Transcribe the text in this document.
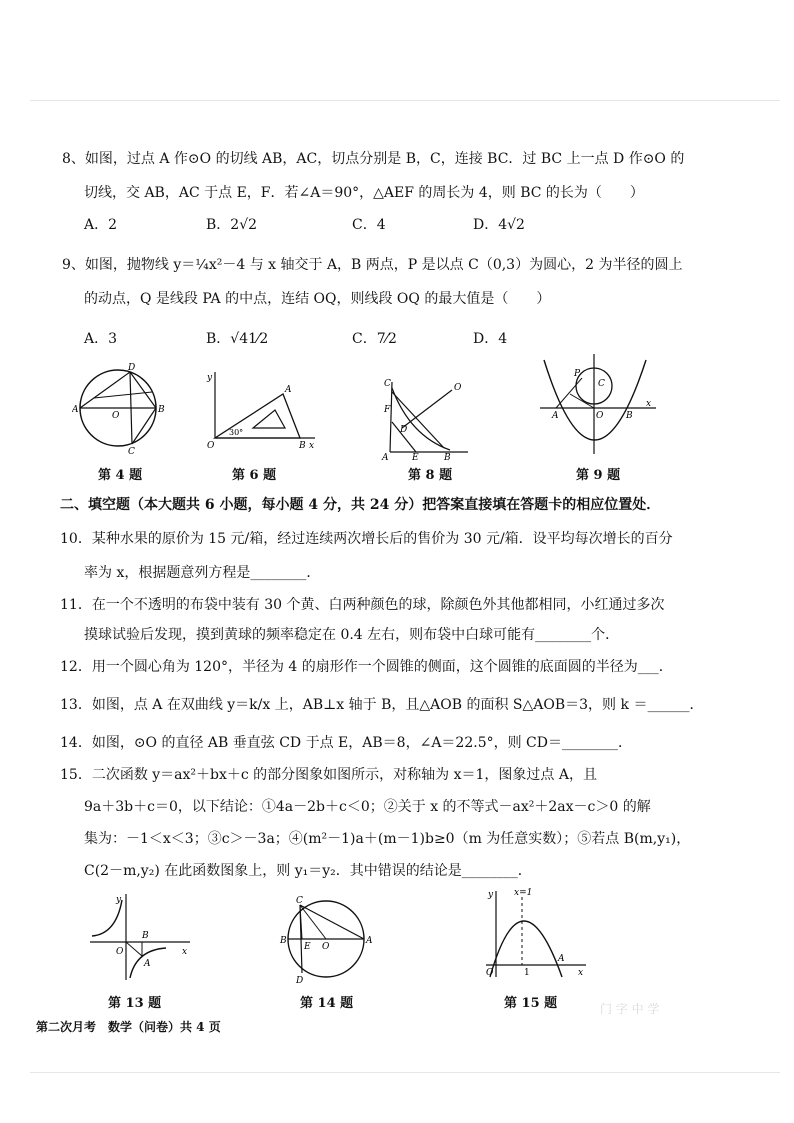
8、如图，过点 A 作⊙O 的切线 AB，AC，切点分别是 B，C，连接 BC．过 BC 上一点 D 作⊙O 的
切线，交 AB，AC 于点 E，F．若∠A＝90°，△AEF 的周长为 4，则 BC 的长为（　　）
A．2	B．2√2	C．4	D．4√2
9、如图，抛物线 y＝¼x²－4 与 x 轴交于 A，B 两点，P 是以点 C（0,3）为圆心，2 为半径的圆上
的动点，Q 是线段 PA 的中点，连结 OQ，则线段 OQ 的最大值是（　　）
A．3	B．√41⁄2	C．7⁄2	D．4
A	B
D
O
C
O
y
x
30°
A
B
C
F
D
O
A	E	B
C
P
A	B
O
x
第 4 题	第 6 题	第 8 题	第 9 题
二、填空题（本大题共 6 小题，每小题 4 分，共 24 分）把答案直接填在答题卡的相应位置处．
10．某种水果的原价为 15 元/箱，经过连续两次增长后的售价为 30 元/箱．设平均每次增长的百分
率为 x，根据题意列方程是________．
11．在一个不透明的布袋中装有 30 个黄、白两种颜色的球，除颜色外其他都相同，小红通过多次
摸球试验后发现，摸到黄球的频率稳定在 0.4 左右，则布袋中白球可能有________个．
12．用一个圆心角为 120°，半径为 4 的扇形作一个圆锥的侧面，这个圆锥的底面圆的半径为___．
13．如图，点 A 在双曲线 y＝k/x 上，AB⊥x 轴于 B，且△AOB 的面积 S△AOB＝3，则 k ＝______．
14．如图，⊙O 的直径 AB 垂直弦 CD 于点 E，AB＝8，∠A＝22.5°，则 CD＝________．
15．二次函数 y＝ax²＋bx＋c 的部分图象如图所示，对称轴为 x＝1，图象过点 A，且
9a＋3b＋c＝0，以下结论：①4a－2b＋c＜0；②关于 x 的不等式－ax²＋2ax－c＞0 的解
集为：－1＜x＜3；③c＞－3a；④(m²－1)a＋(m－1)b≥0（m 为任意实数）；⑤若点 B(m,y₁)，
C(2－m,y₂) 在此函数图象上，则 y₁＝y₂．其中错误的结论是________．
y
O
B
A
x
C
B
E O
A
D
y x=1
O	1
A
x
第 13 题	第 14 题	第 15 题
第二次月考　数学（问卷）共 4 页
门 字 中 学
